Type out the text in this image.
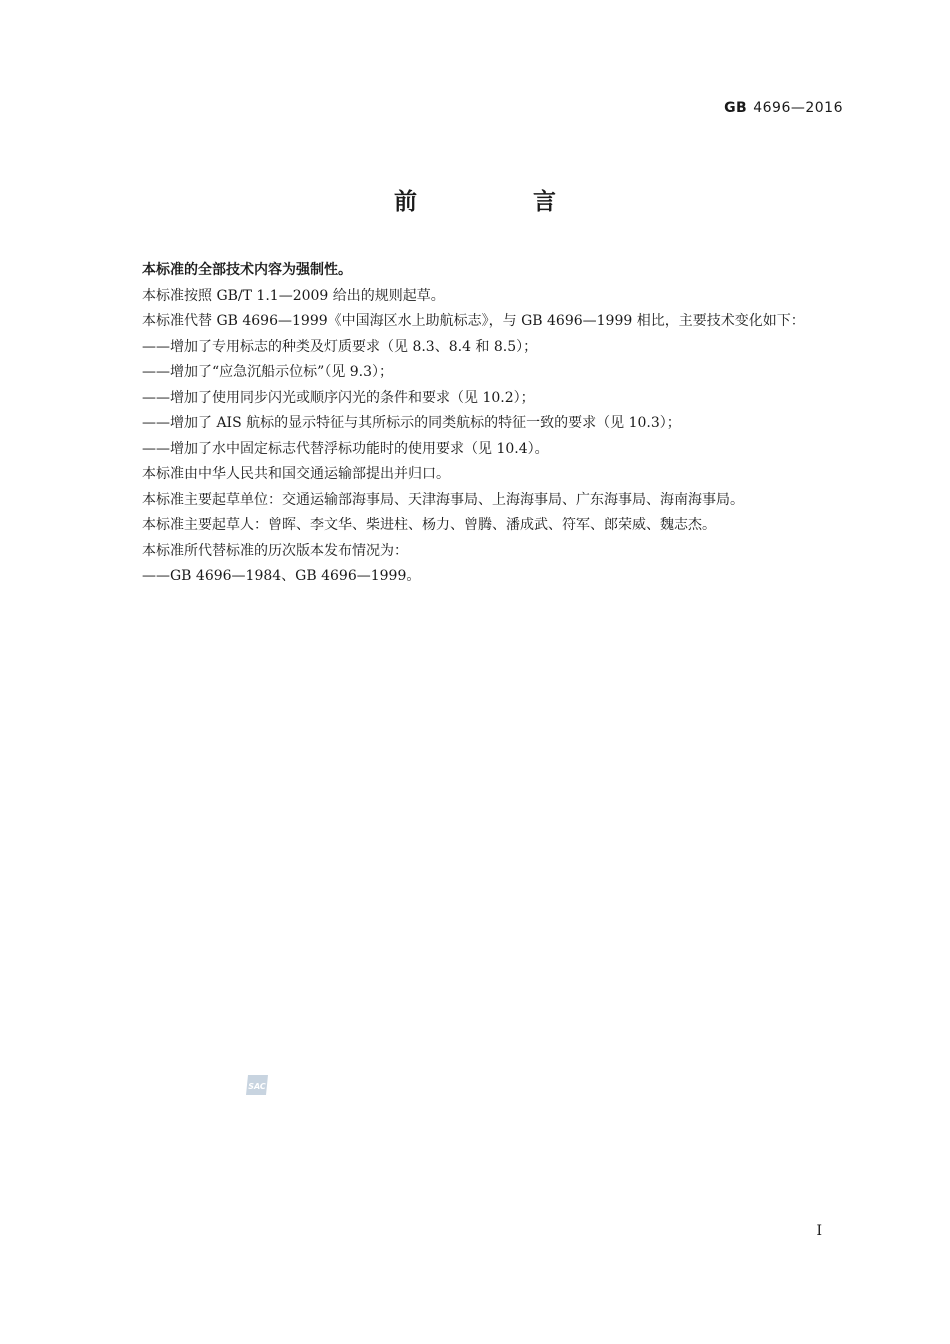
GB 4696—2016
前 言

本标准的全部技术内容为强制性。

本标准按照 GB/T 1.1—2009 给出的规则起草。

本标准代替 GB 4696—1999《中国海区水上助航标志》，与 GB 4696—1999 相比，主要技术变化如下：

——增加了专用标志的种类及灯质要求（见 8.3、8.4 和 8.5）；

——增加了“应急沉船示位标”（见 9.3）；

——增加了使用同步闪光或顺序闪光的条件和要求（见 10.2）；

——增加了 AIS 航标的显示特征与其所标示的同类航标的特征一致的要求（见 10.3）；

——增加了水中固定标志代替浮标功能时的使用要求（见 10.4）。

本标准由中华人民共和国交通运输部提出并归口。

本标准主要起草单位：交通运输部海事局、天津海事局、上海海事局、广东海事局、海南海事局。

本标准主要起草人：曾晖、李文华、柴进柱、杨力、曾腾、潘成武、符军、郎荣威、魏志杰。

本标准所代替标准的历次版本发布情况为：

——GB 4696—1984、GB 4696—1999。

SAC
I
